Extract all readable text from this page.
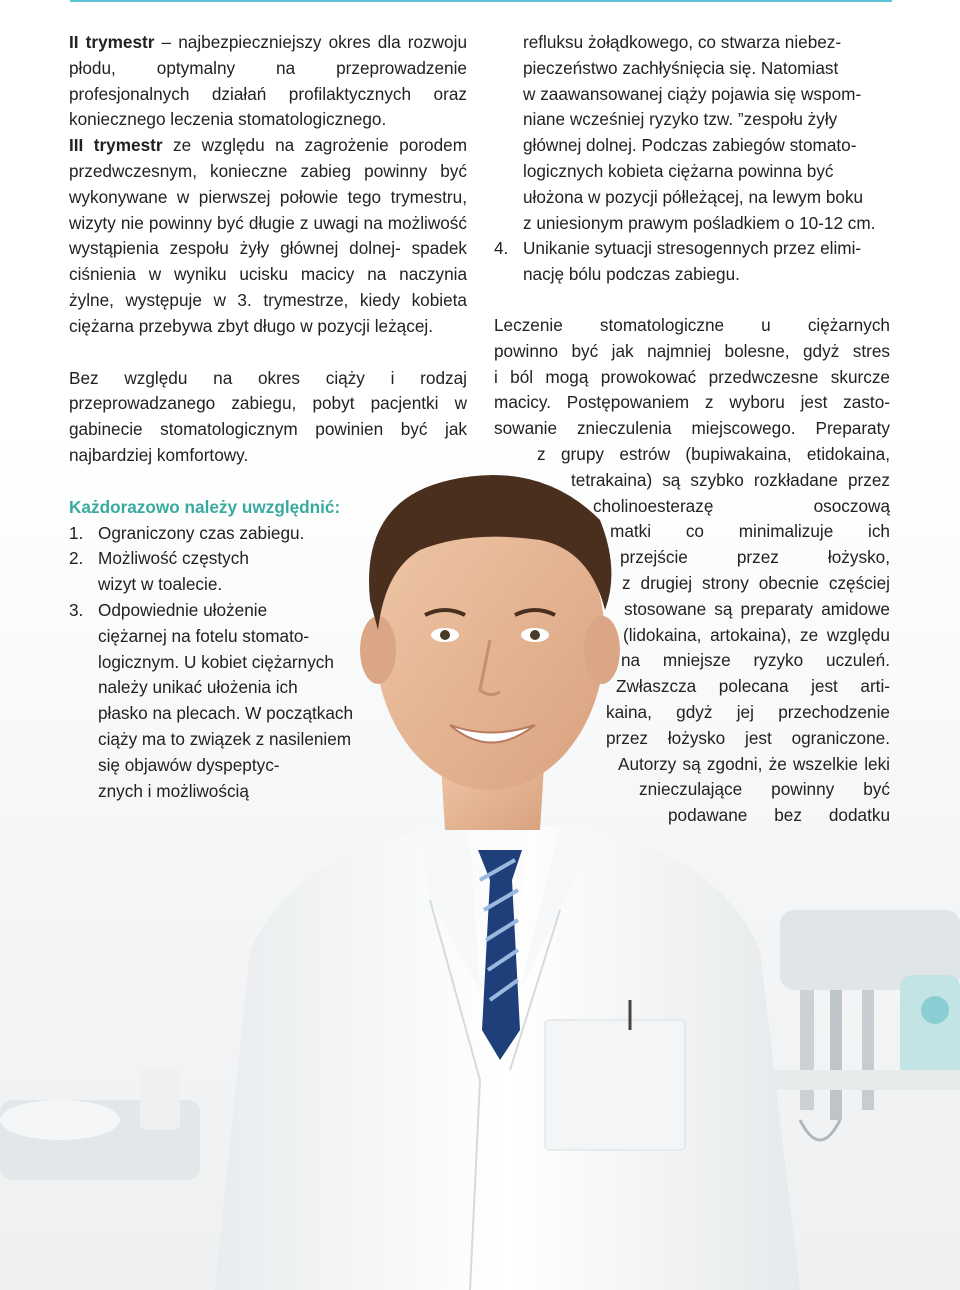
II trymestr – najbezpieczniejszy okres dla rozwoju płodu, optymalny na przeprowadzenie profesjonalnych działań profilaktycznych oraz koniecznego leczenia stomatologicznego.

III trymestr ze względu na zagrożenie porodem przedwczesnym, konieczne zabieg powinny być wykonywane w pierwszej połowie tego trymestru, wizyty nie powinny być długie z uwagi na możliwość wystąpienia zespołu żyły głównej dolnej- spadek ciśnienia w wyniku ucisku macicy na naczynia żylne, występuje w 3. trymestrze, kiedy kobieta ciężarna przebywa zbyt długo w pozycji leżącej.

Bez względu na okres ciąży i rodzaj przeprowadzanego zabiegu, pobyt pacjentki w gabinecie stomatologicznym powinien być jak najbardziej komfortowy.

Każdorazowo należy uwzględnić:

1. Ograniczony czas zabiegu.
2. Możliwość częstych
wizyt w toalecie.
3. Odpowiednie ułożenie
ciężarnej na fotelu stomato-
logicznym. U kobiet ciężarnych
należy unikać ułożenia ich
płasko na plecach. W początkach
ciąży ma to związek z nasileniem
się objawów dyspeptyc-
znych i możliwością
refluksu żołądkowego, co stwarza niebez-
pieczeństwo zachłyśnięcia się. Natomiast
w zaawansowanej ciąży pojawia się wspom-
niane wcześniej ryzyko tzw. ”zespołu żyły
głównej dolnej. Podczas zabiegów stomato-
logicznych kobieta ciężarna powinna być
ułożona w pozycji półleżącej, na lewym boku
z uniesionym prawym pośladkiem o 10-12 cm.
4. Unikanie sytuacji stresogennych przez elimi-
nację bólu podczas zabiegu.
Leczenie stomatologiczne u ciężarnych
powinno być jak najmniej bolesne, gdyż stres
i ból mogą prowokować przedwczesne skurcze
macicy. Postępowaniem z wyboru jest zasto-
sowanie znieczulenia miejscowego. Preparaty
z grupy estrów (bupiwakaina, etidokaina,
tetrakaina) są szybko rozkładane przez
cholinoesterazę osoczową
matki co minimalizuje ich
przejście przez łożysko,
z drugiej strony obecnie częściej
stosowane są preparaty amidowe
(lidokaina, artokaina), ze względu
na mniejsze ryzyko uczuleń.
Zwłaszcza polecana jest arti-
kaina, gdyż jej przechodzenie
przez łożysko jest ograniczone.
Autorzy są zgodni, że wszelkie leki
znieczulające powinny być
podawane bez dodatku
